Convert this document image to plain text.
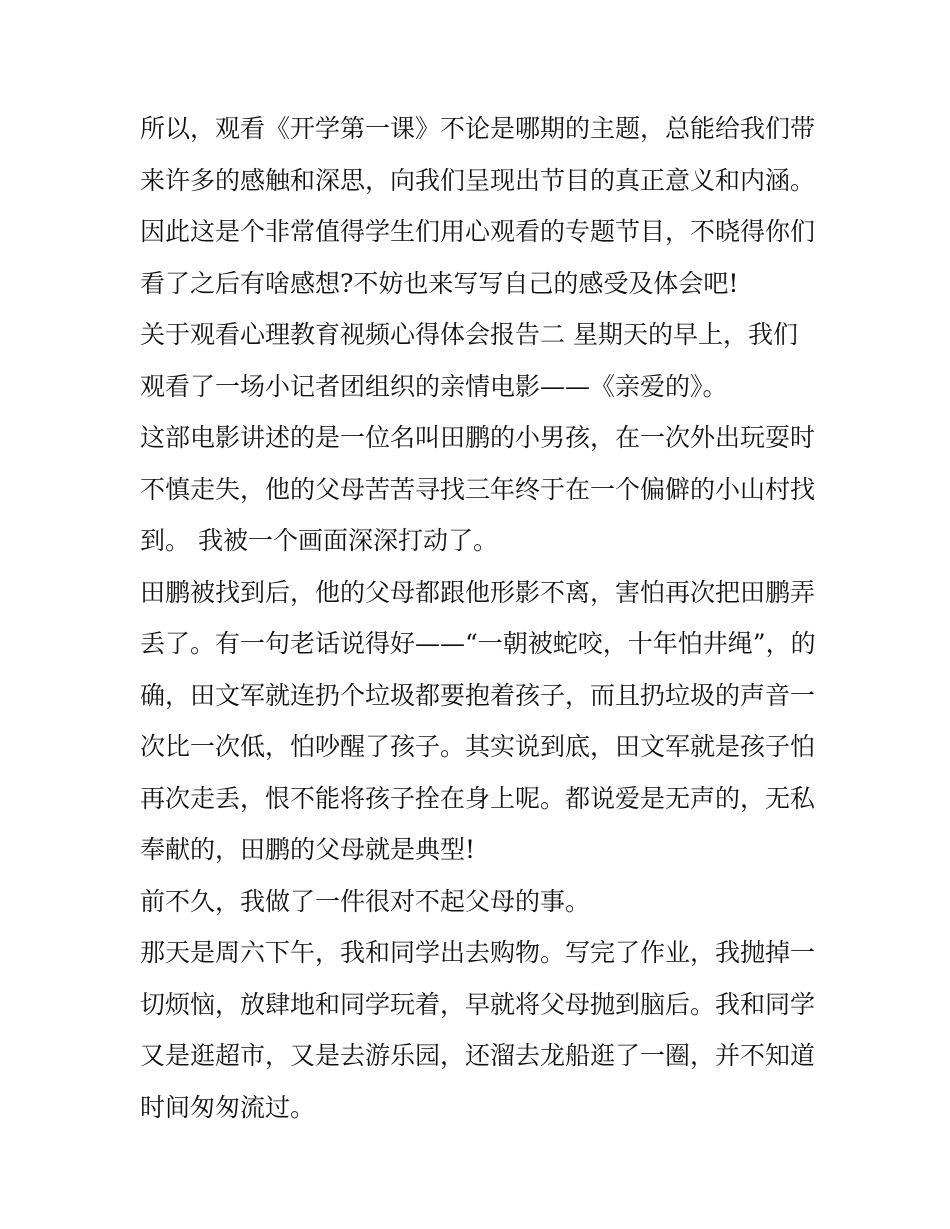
所以，观看《开学第一课》不论是哪期的主题，总能给我们带来许多的感触和深思，向我们呈现出节目的真正意义和内涵。因此这是个非常值得学生们用心观看的专题节目，不晓得你们看了之后有啥感想?不妨也来写写自己的感受及体会吧!

关于观看心理教育视频心得体会报告二 星期天的早上，我们观看了一场小记者团组织的亲情电影——《亲爱的》。

这部电影讲述的是一位名叫田鹏的小男孩，在一次外出玩耍时不慎走失，他的父母苦苦寻找三年终于在一个偏僻的小山村找到。 我被一个画面深深打动了。

田鹏被找到后，他的父母都跟他形影不离，害怕再次把田鹏弄丢了。有一句老话说得好——“一朝被蛇咬，十年怕井绳”，的确，田文军就连扔个垃圾都要抱着孩子，而且扔垃圾的声音一次比一次低，怕吵醒了孩子。其实说到底，田文军就是孩子怕再次走丢，恨不能将孩子拴在身上呢。都说爱是无声的，无私奉献的，田鹏的父母就是典型!

前不久，我做了一件很对不起父母的事。

那天是周六下午，我和同学出去购物。写完了作业，我抛掉一切烦恼，放肆地和同学玩着，早就将父母抛到脑后。我和同学又是逛超市，又是去游乐园，还溜去龙船逛了一圈，并不知道时间匆匆流过。
